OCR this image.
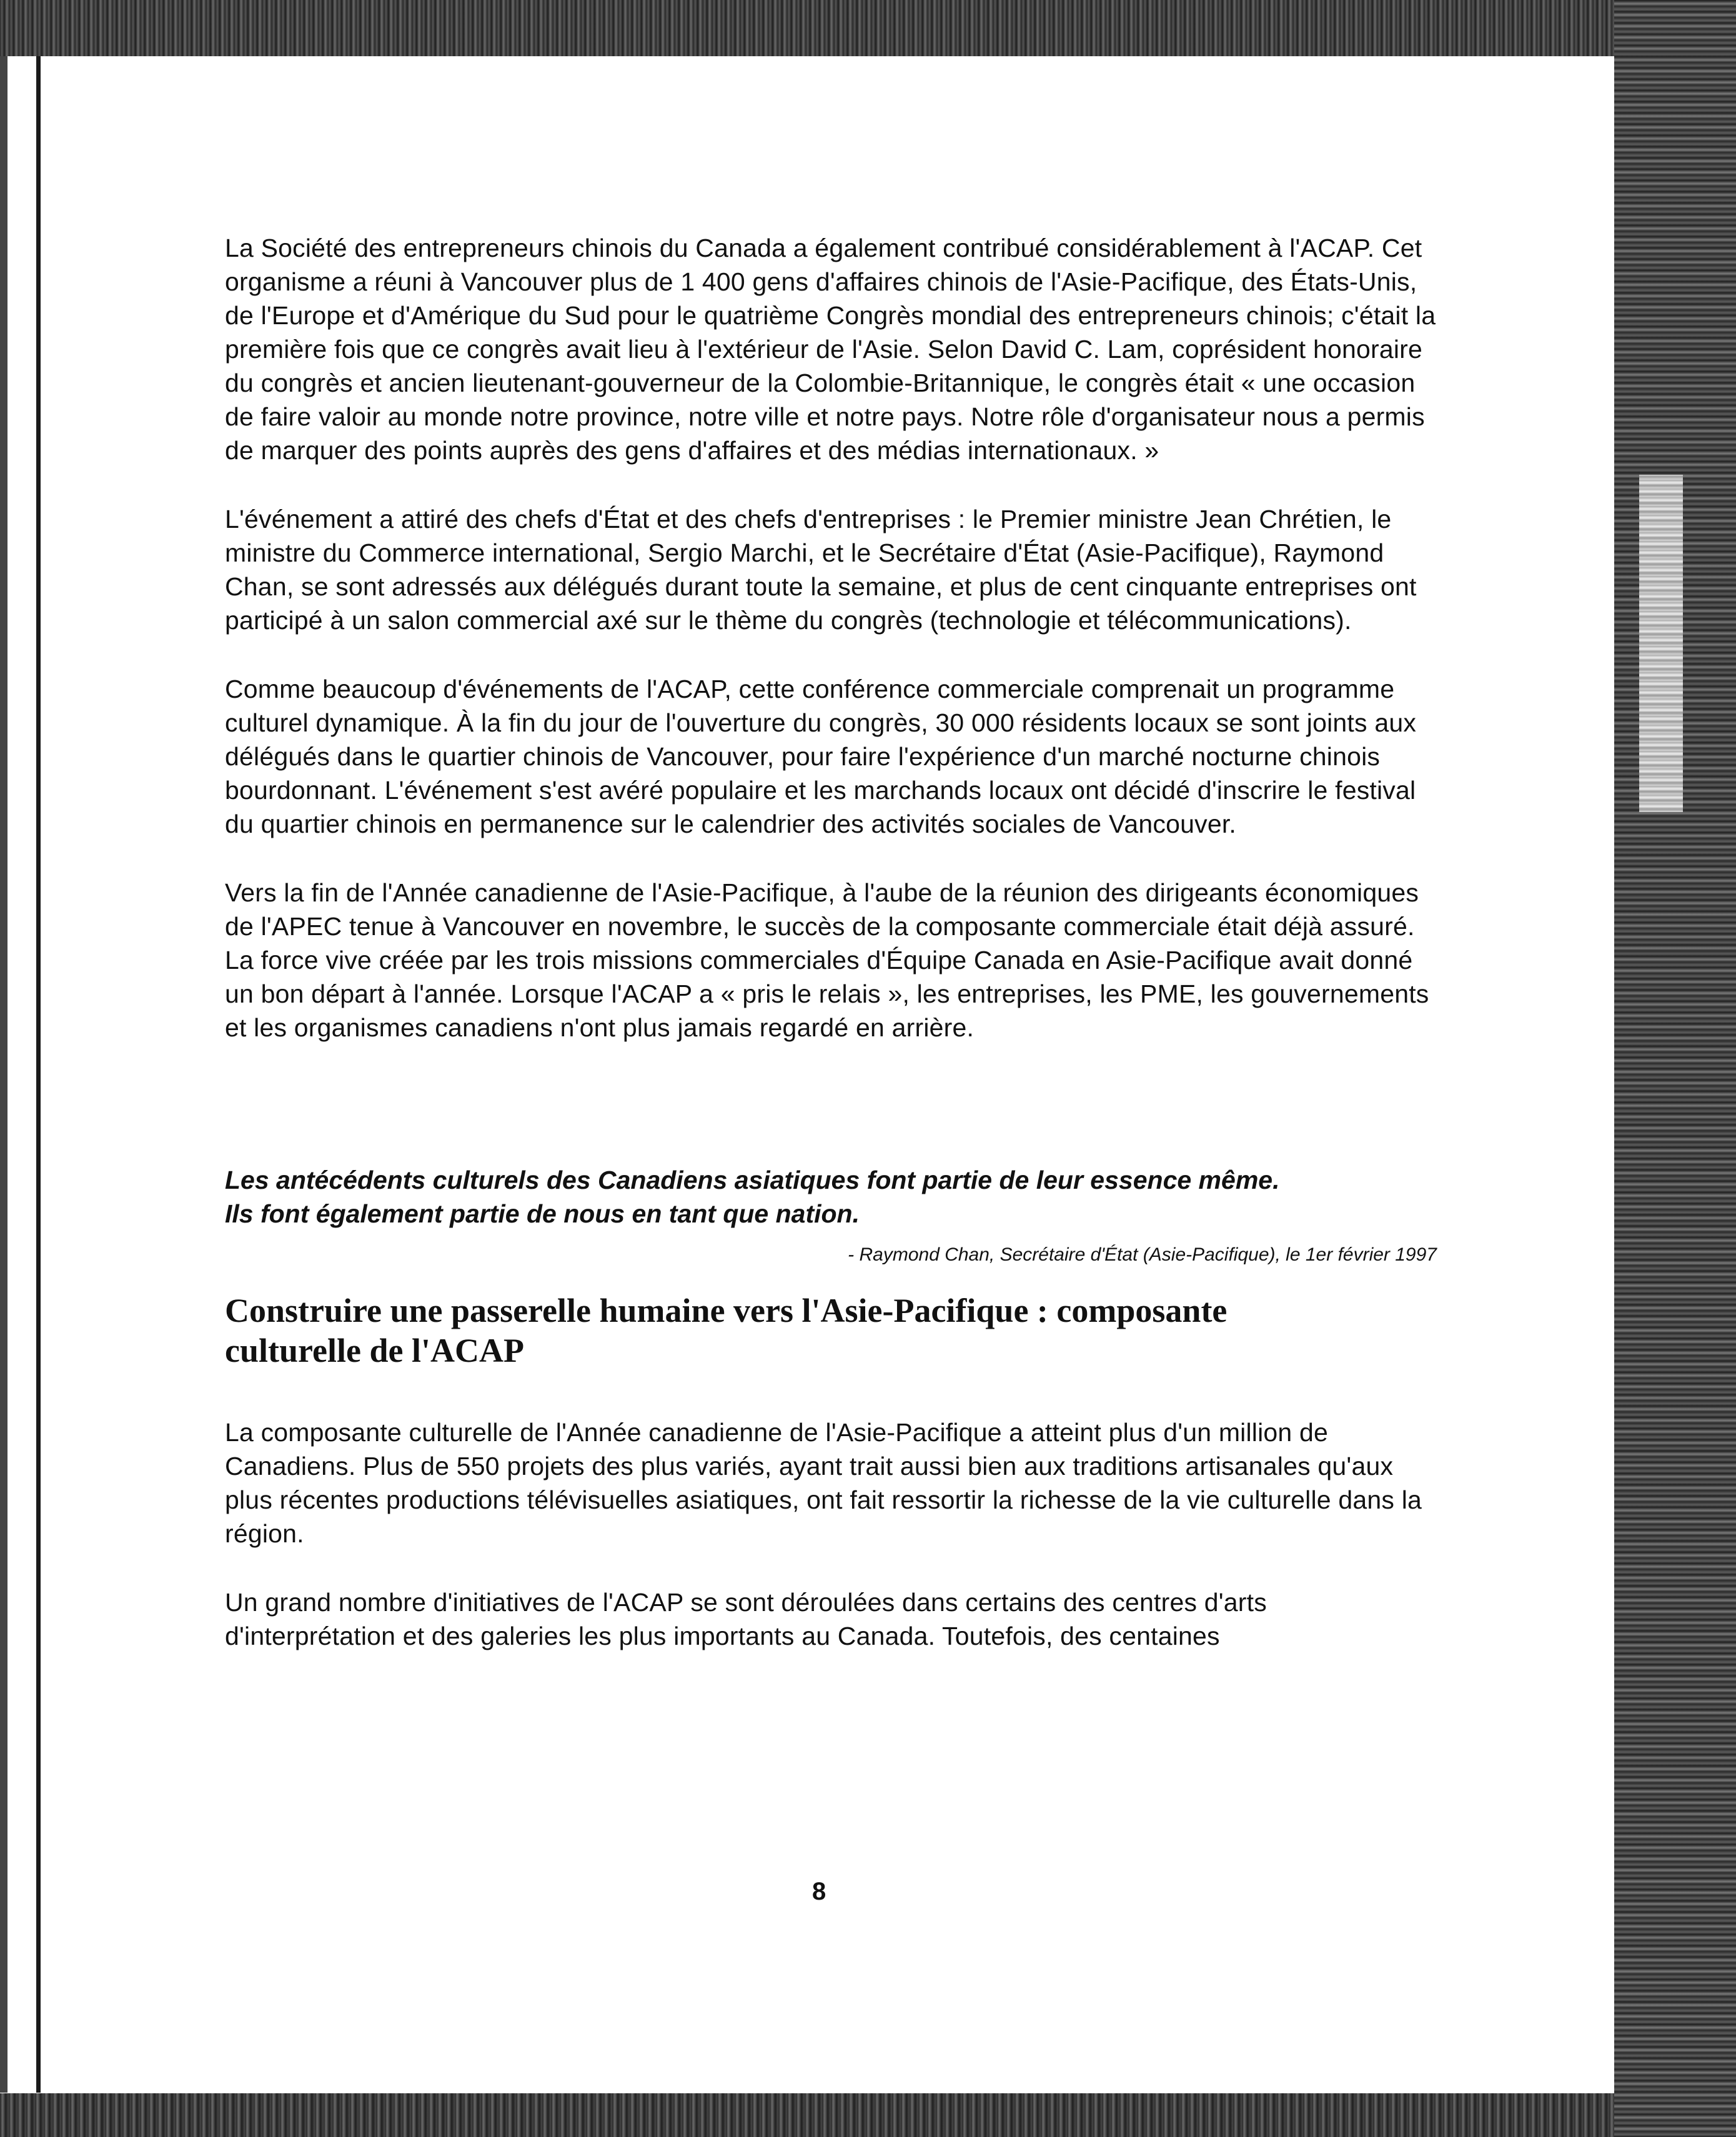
La Société des entrepreneurs chinois du Canada a également contribué considérablement à l'ACAP. Cet organisme a réuni à Vancouver plus de 1 400 gens d'affaires chinois de l'Asie-Pacifique, des États-Unis, de l'Europe et d'Amérique du Sud pour le quatrième Congrès mondial des entrepreneurs chinois; c'était la première fois que ce congrès avait lieu à l'extérieur de l'Asie. Selon David C. Lam, coprésident honoraire du congrès et ancien lieutenant-gouverneur de la Colombie-Britannique, le congrès était « une occasion de faire valoir au monde notre province, notre ville et notre pays. Notre rôle d'organisateur nous a permis de marquer des points auprès des gens d'affaires et des médias internationaux. »

L'événement a attiré des chefs d'État et des chefs d'entreprises : le Premier ministre Jean Chrétien, le ministre du Commerce international, Sergio Marchi, et le Secrétaire d'État (Asie-Pacifique), Raymond Chan, se sont adressés aux délégués durant toute la semaine, et plus de cent cinquante entreprises ont participé à un salon commercial axé sur le thème du congrès (technologie et télécommunications).

Comme beaucoup d'événements de l'ACAP, cette conférence commerciale comprenait un programme culturel dynamique. À la fin du jour de l'ouverture du congrès, 30 000 résidents locaux se sont joints aux délégués dans le quartier chinois de Vancouver, pour faire l'expérience d'un marché nocturne chinois bourdonnant. L'événement s'est avéré populaire et les marchands locaux ont décidé d'inscrire le festival du quartier chinois en permanence sur le calendrier des activités sociales de Vancouver.

Vers la fin de l'Année canadienne de l'Asie-Pacifique, à l'aube de la réunion des dirigeants économiques de l'APEC tenue à Vancouver en novembre, le succès de la composante commerciale était déjà assuré. La force vive créée par les trois missions commerciales d'Équipe Canada en Asie-Pacifique avait donné un bon départ à l'année. Lorsque l'ACAP a « pris le relais », les entreprises, les PME, les gouvernements et les organismes canadiens n'ont plus jamais regardé en arrière.

Les antécédents culturels des Canadiens asiatiques font partie de leur essence même.
Ils font également partie de nous en tant que nation.
- Raymond Chan, Secrétaire d'État (Asie-Pacifique), le 1er février 1997
Construire une passerelle humaine vers l'Asie-Pacifique : composante
culturelle de l'ACAP

La composante culturelle de l'Année canadienne de l'Asie-Pacifique a atteint plus d'un million de Canadiens. Plus de 550 projets des plus variés, ayant trait aussi bien aux traditions artisanales qu'aux plus récentes productions télévisuelles asiatiques, ont fait ressortir la richesse de la vie culturelle dans la région.

Un grand nombre d'initiatives de l'ACAP se sont déroulées dans certains des centres d'arts d'interprétation et des galeries les plus importants au Canada. Toutefois, des centaines

8
